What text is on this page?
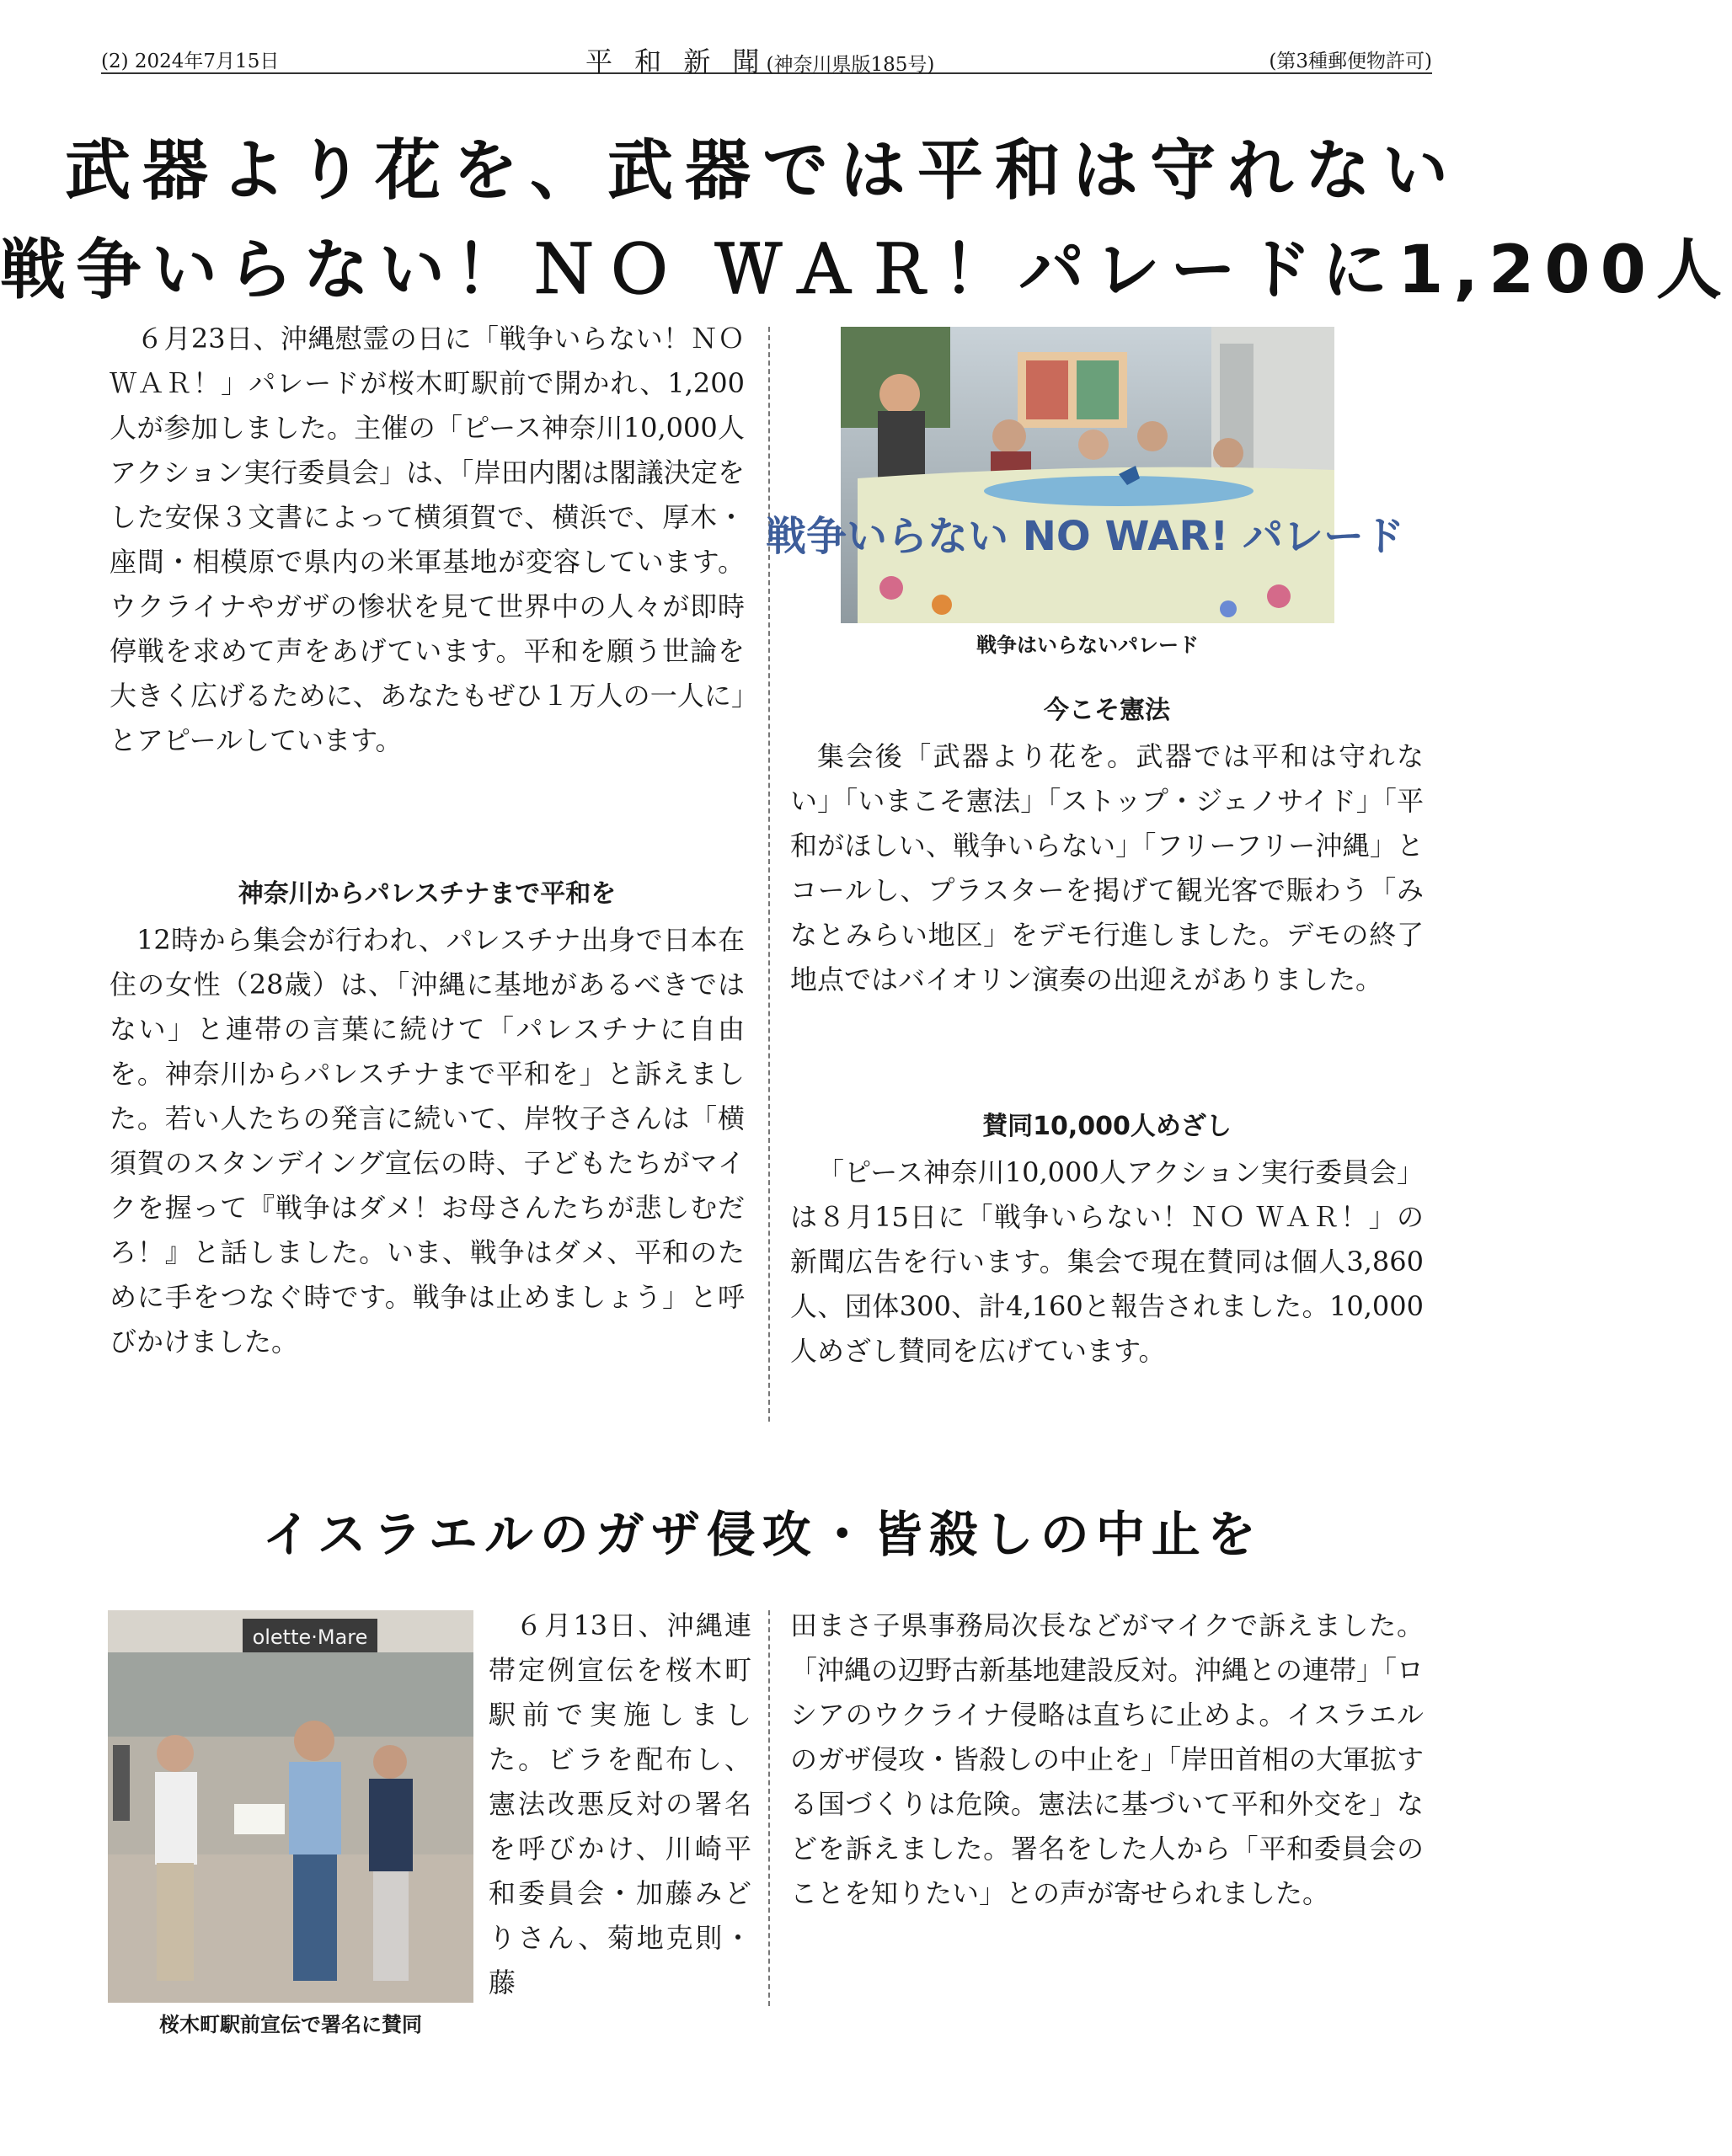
(2) 2024年7月15日	平 和 新 聞(神奈川県版185号)	(第3種郵便物許可)
武器より花を、武器では平和は守れない
戦争いらない！ＮＯ ＷＡＲ！パレードに1,200人

６月23日、沖縄慰霊の日に「戦争いらない！ＮＯ ＷＡＲ！」パレードが桜木町駅前で開かれ、1,200人が参加しました。主催の「ピース神奈川10,000人アクション実行委員会」は、「岸田内閣は閣議決定をした安保３文書によって横須賀で、横浜で、厚木・座間・相模原で県内の米軍基地が変容しています。ウクライナやガザの惨状を見て世界中の人々が即時停戦を求めて声をあげています。平和を願う世論を大きく広げるために、あなたもぜひ１万人の一人に」とアピールしています。

神奈川からパレスチナまで平和を

12時から集会が行われ、パレスチナ出身で日本在住の女性（28歳）は、「沖縄に基地があるべきではない」と連帯の言葉に続けて「パレスチナに自由を。神奈川からパレスチナまで平和を」と訴えました。若い人たちの発言に続いて、岸牧子さんは「横須賀のスタンデイング宣伝の時、子どもたちがマイクを握って『戦争はダメ！お母さんたちが悲しむだろ！』と話しました。いま、戦争はダメ、平和のために手をつなぐ時です。戦争は止めましょう」と呼びかけました。

戦争いらない NO WAR! パレード
戦争はいらないパレード
今こそ憲法

集会後「武器より花を。武器では平和は守れない」「いまこそ憲法」「ストップ・ジェノサイド」「平和がほしい、戦争いらない」「フリーフリー沖縄」とコールし、プラスターを掲げて観光客で賑わう「みなとみらい地区」をデモ行進しました。デモの終了地点ではバイオリン演奏の出迎えがありました。

賛同10,000人めざし

「ピース神奈川10,000人アクション実行委員会」は８月15日に「戦争いらない！ＮＯ ＷＡＲ！」の新聞広告を行います。集会で現在賛同は個人3,860人、団体300、計4,160と報告されました。10,000人めざし賛同を広げています。

イスラエルのガザ侵攻・皆殺しの中止を
olette·Mare
桜木町駅前宣伝で署名に賛同

６月13日、沖縄連帯定例宣伝を桜木町駅前で実施しました。ビラを配布し、憲法改悪反対の署名を呼びかけ、川崎平和委員会・加藤みどりさん、菊地克則・藤

田まさ子県事務局次長などがマイクで訴えました。「沖縄の辺野古新基地建設反対。沖縄との連帯」「ロシアのウクライナ侵略は直ちに止めよ。イスラエルのガザ侵攻・皆殺しの中止を」「岸田首相の大軍拡する国づくりは危険。憲法に基づいて平和外交を」などを訴えました。署名をした人から「平和委員会のことを知りたい」との声が寄せられました。
